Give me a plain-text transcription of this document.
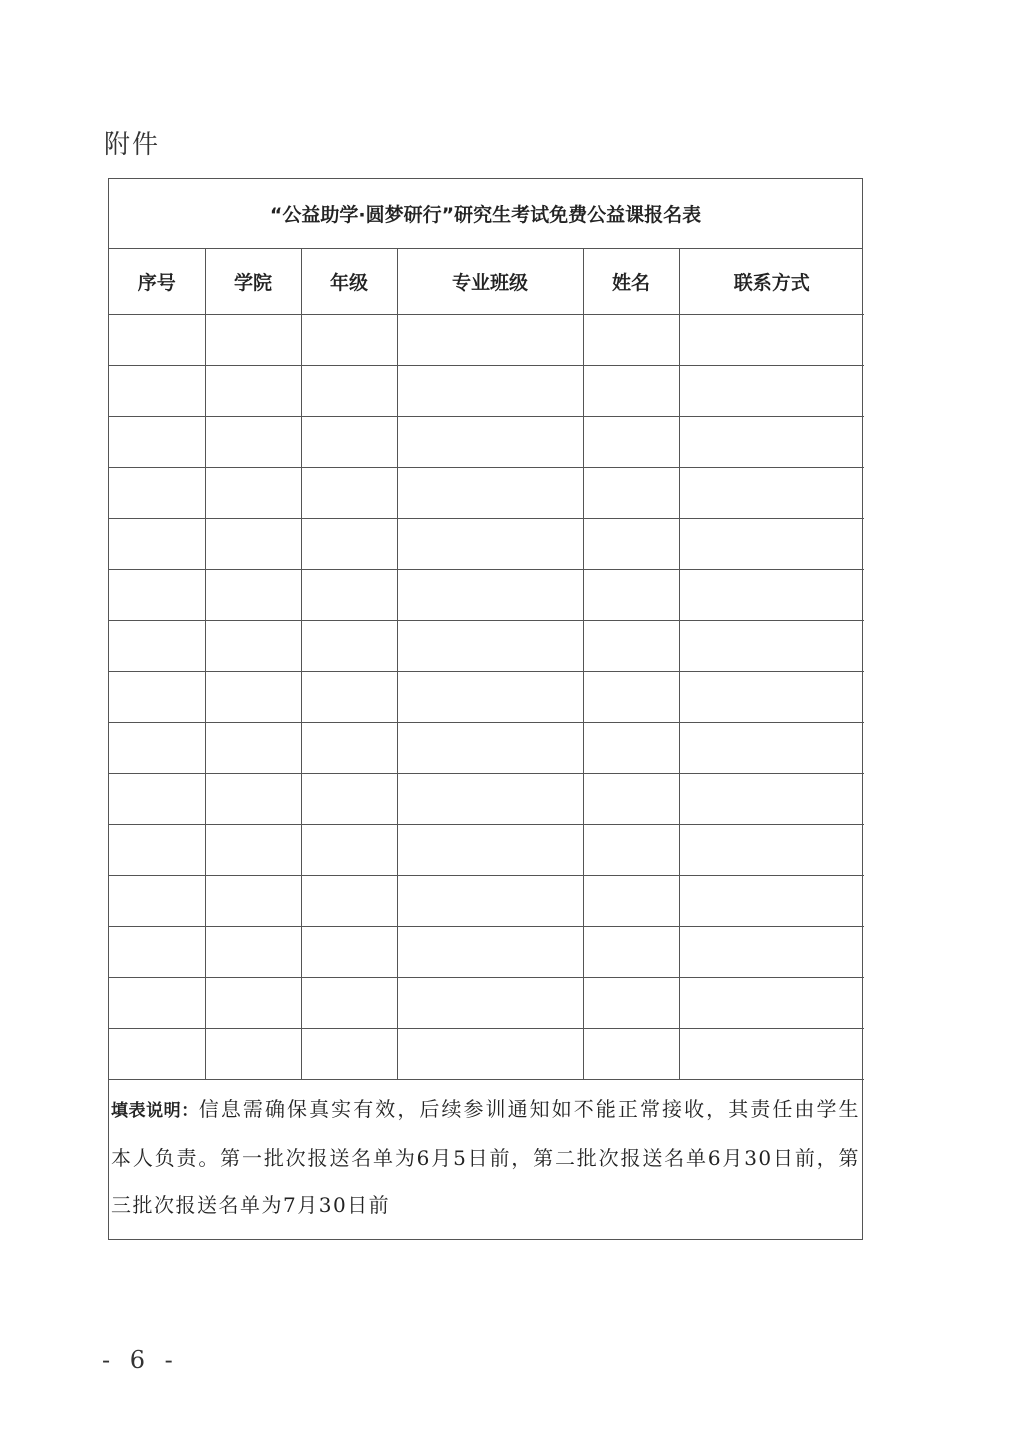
附件
“公益助学·圆梦研行”研究生考试免费公益课报名表
序号	学院	年级	专业班级	姓名	联系方式

填表说明：信息需确保真实有效，后续参训通知如不能正常接收，其责任由学生本人负责。第一批次报送名单为6月5日前，第二批次报送名单6月30日前，第三批次报送名单为7月30日前
- 6 -
